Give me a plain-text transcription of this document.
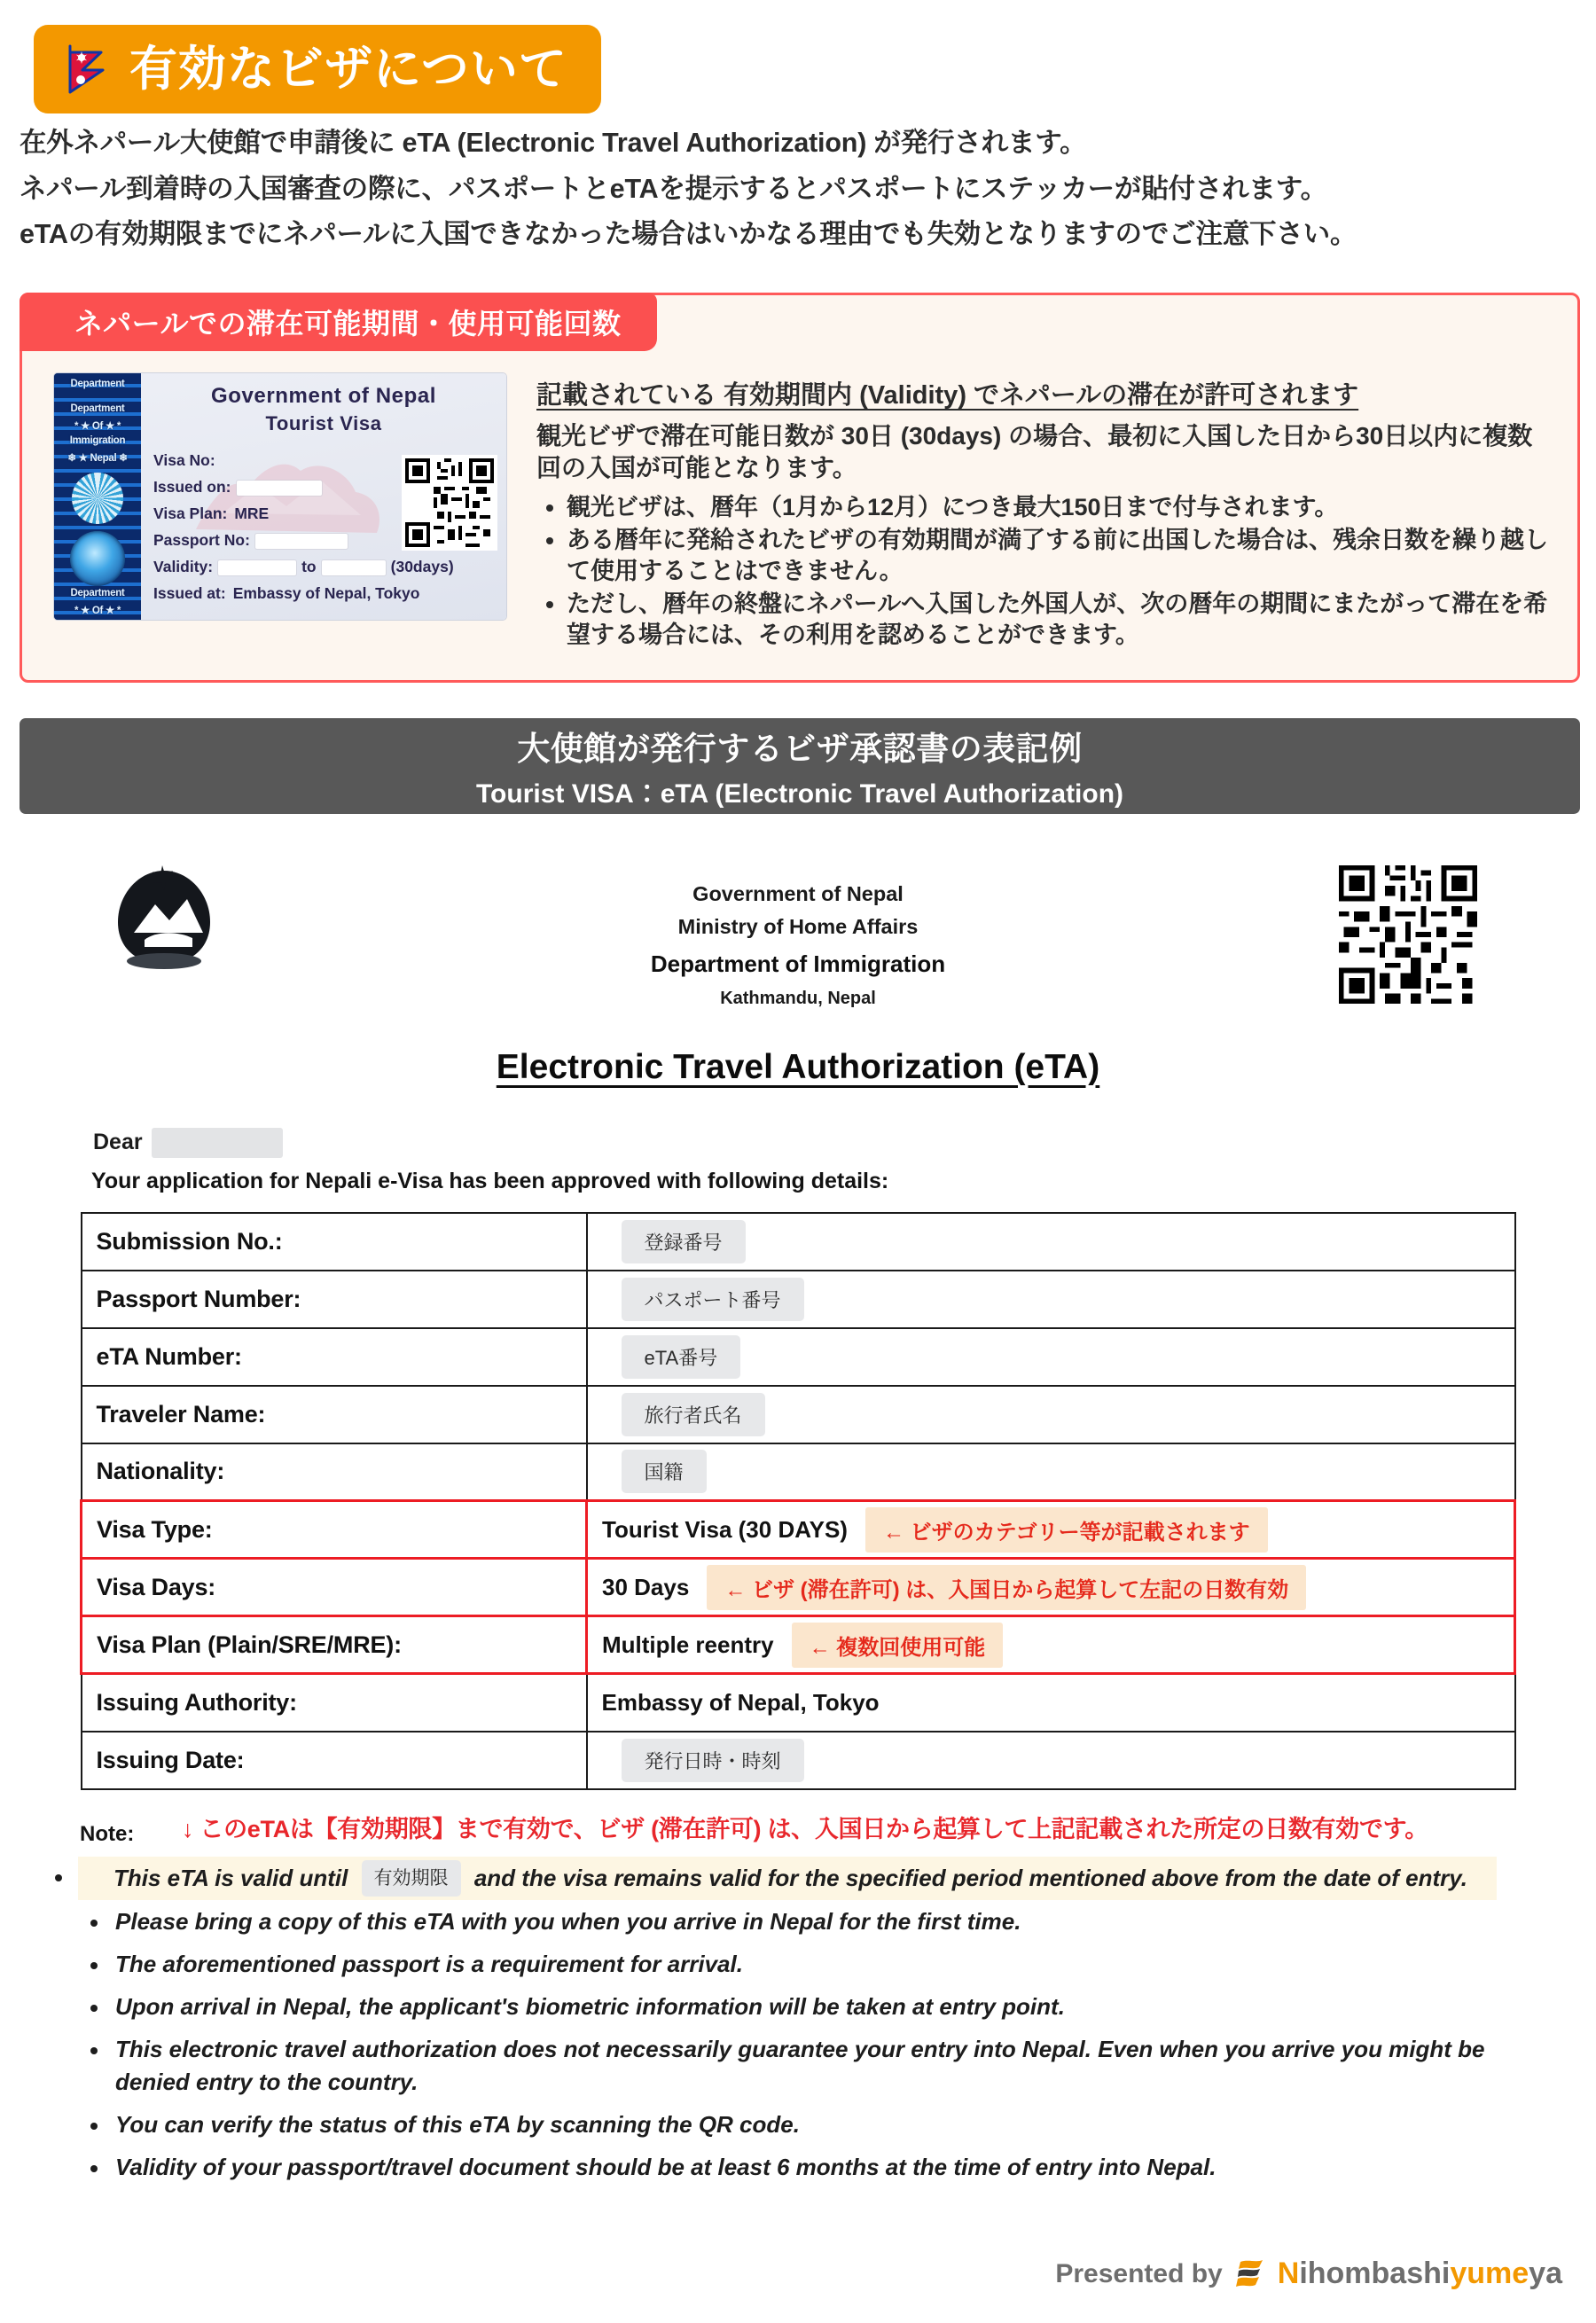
有効なビザについて

在外ネパール大使館で申請後に eTA (Electronic Travel Authorization) が発行されます。

ネパール到着時の入国審査の際に、パスポートとeTAを提示するとパスポートにステッカーが貼付されます。

eTAの有効期限までにネパールに入国できなかった場合はいかなる理由でも失効となりますのでご注意下さい。

ネパールでの滞在可能期間・使用可能回数
Department
Department
* ★ Of ★ *
Immigration
❄ ★ Nepal ❄
Department
* ★ Of ★ *
Government of Nepal
Tourist Visa
Visa No:
Issued on:
Visa Plan: MRE
Passport No:
Validity:	to	(30days)
Issued at: Embassy of Nepal, Tokyo
記載されている 有効期間内 (Validity) でネパールの滞在が許可されます

観光ビザで滞在可能日数が 30日 (30days) の場合、最初に入国した日から30日以内に複数回の入国が可能となります。

• 観光ビザは、暦年（1月から12月）につき最大150日まで付与されます。
• ある暦年に発給されたビザの有効期間が満了する前に出国した場合は、残余日数を繰り越して使用することはできません。
• ただし、暦年の終盤にネパールへ入国した外国人が、次の暦年の期間にまたがって滞在を希望する場合には、その利用を認めることができます。
大使館が発行するビザ承認書の表記例
Tourist VISA：eTA (Electronic Travel Authorization)
Government of Nepal
Ministry of Home Affairs
Department of Immigration
Kathmandu, Nepal
Electronic Travel Authorization (eTA)
Dear
Your application for Nepali e-Visa has been approved with following details:
Submission No.:	登録番号
Passport Number:	パスポート番号
eTA Number:	eTA番号
Traveler Name:	旅行者氏名
Nationality:	国籍
Visa Type:	Tourist Visa (30 DAYS) ← ビザのカテゴリー等が記載されます

Visa Days:	30 Days ← ビザ (滞在許可) は、入国日から起算して左記の日数有効

Visa Plan (Plain/SRE/MRE):	Multiple reentry ← 複数回使用可能

Issuing Authority:	Embassy of Nepal, Tokyo
Issuing Date:	発行日時・時刻
Note: ↓ このeTAは【有効期限】まで有効で、ビザ (滞在許可) は、入国日から起算して上記記載された所定の日数有効です。
This eTA is valid until 有効期限 and the visa remains valid for the specified period mentioned above from the date of entry.
Please bring a copy of this eTA with you when you arrive in Nepal for the first time.
The aforementioned passport is a requirement for arrival.
Upon arrival in Nepal, the applicant's biometric information will be taken at entry point.
This electronic travel authorization does not necessarily guarantee your entry into Nepal. Even when you arrive you might be denied entry to the country.
You can verify the status of this eTA by scanning the QR code.
Validity of your passport/travel document should be at least 6 months at the time of entry into Nepal.
Presented by Nihombashiyumeya
